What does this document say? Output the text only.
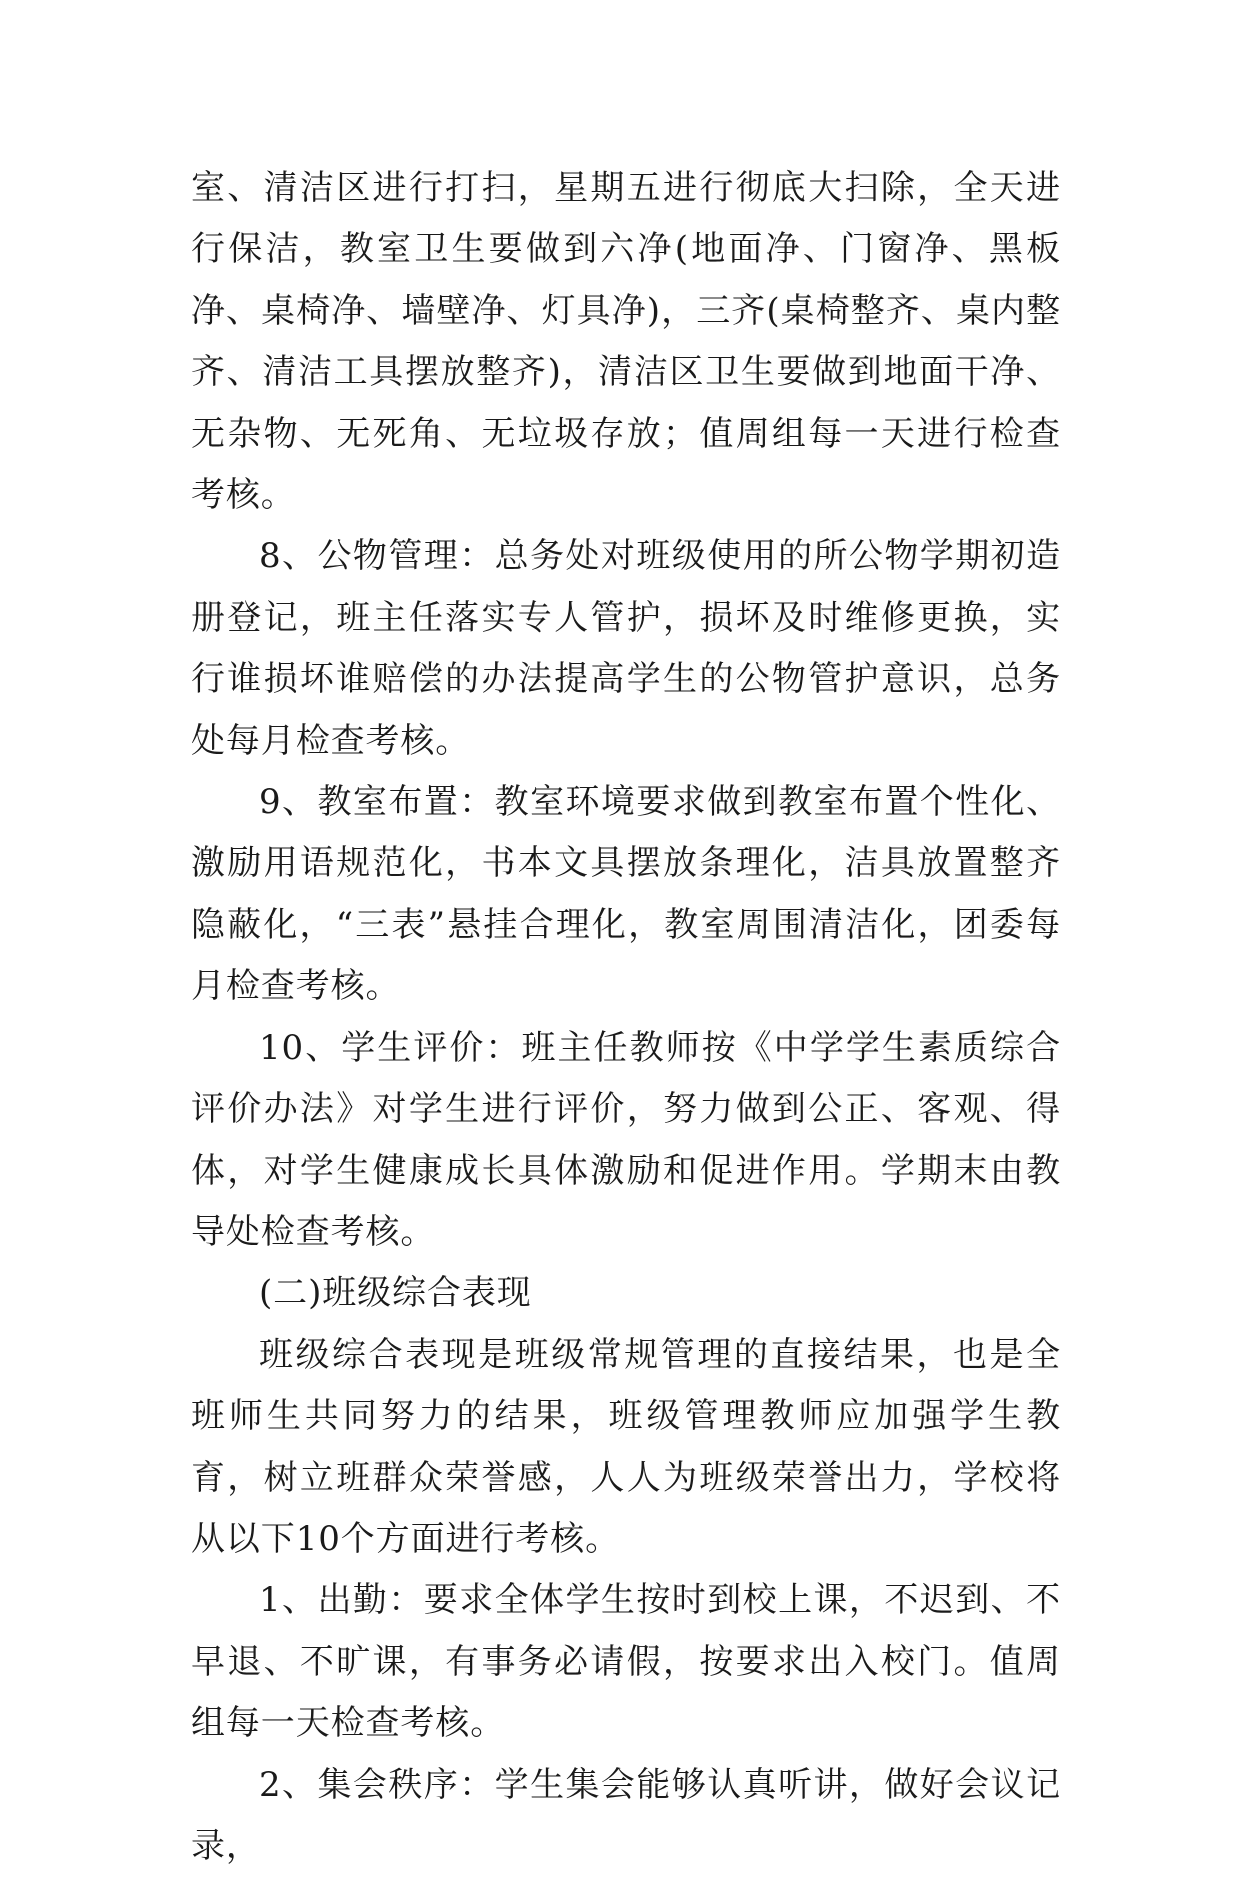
室、清洁区进行打扫，星期五进行彻底大扫除，全天进行保洁，教室卫生要做到六净(地面净、门窗净、黑板净、桌椅净、墙壁净、灯具净)，三齐(桌椅整齐、桌内整齐、清洁工具摆放整齐)，清洁区卫生要做到地面干净、无杂物、无死角、无垃圾存放；值周组每一天进行检查考核。

8、公物管理：总务处对班级使用的所公物学期初造册登记，班主任落实专人管护，损坏及时维修更换，实行谁损坏谁赔偿的办法提高学生的公物管护意识，总务处每月检查考核。

9、教室布置：教室环境要求做到教室布置个性化、激励用语规范化，书本文具摆放条理化，洁具放置整齐隐蔽化，“三表”悬挂合理化，教室周围清洁化，团委每月检查考核。

10、学生评价：班主任教师按《中学学生素质综合评价办法》对学生进行评价，努力做到公正、客观、得体，对学生健康成长具体激励和促进作用。学期末由教导处检查考核。

(二)班级综合表现

班级综合表现是班级常规管理的直接结果，也是全班师生共同努力的结果，班级管理教师应加强学生教育，树立班群众荣誉感，人人为班级荣誉出力，学校将从以下10个方面进行考核。

1、出勤：要求全体学生按时到校上课，不迟到、不早退、不旷课，有事务必请假，按要求出入校门。值周组每一天检查考核。

2、集会秩序：学生集会能够认真听讲，做好会议记录，
